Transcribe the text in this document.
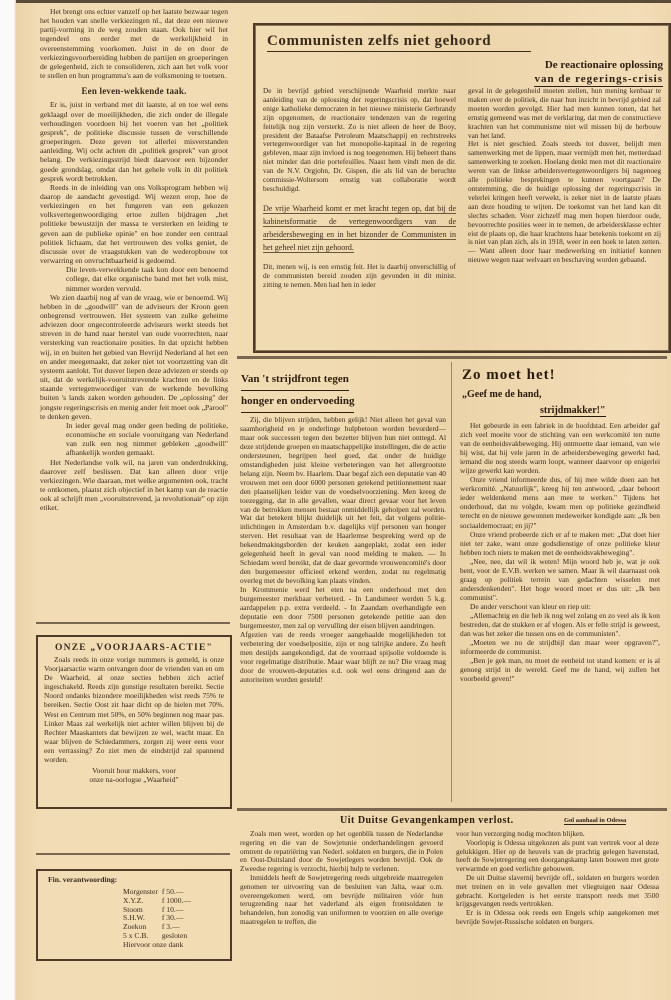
Het brengt ons echter vanzelf op het laatste bezwaar tegen het houden van snelle verkiezingen nl., dat deze een nieuwe partij-vorming in de weg zouden staan. Ook hier wil het tegendeel ons eerder met de werkelijkheid in overeenstemming voorkomen. Juist in de en door de verkiezingsvoorbereiding hebben de partijen en groeperingen de gelegenheid, zich te consolideren, zich aan het volk voor te stellen en hun programma's aan de volksmening te toetsen.

Een leven-wekkende taak.

Er is, juist in verband met dit laatste, al en toe wel eens geklaagd over de moeilijkheden, die zich onder de illegale verhoudingen voordoen bij het voeren van het „politiek gesprek", de politieke discussie tussen de verschillende groeperingen. Deze geven tot allerlei misverstanden aanleiding. Wij ocht achten dit „politiek gesprek" van groot belang. De verkiezingsstrijd biedt daarvoor een bijzonder goede grondslag, omdat dan het gehele volk in dit politiek gesprek wordt betrokken.

Reeds in de inleiding van ons Volksprogram hebben wij daarop de aandacht gevestigd. Wij wezen erop, hoe de verkiezingen en het fungeren van een gekozen volksvertegenwoordiging ertoe zullen bijdragen „het politieke bewustzijn der massa te versterken en leiding te geven aan de publieke opinie" en hoe zonder een centraal politiek lichaam, dat het vertrouwen des volks geniet, de discussie over de vraagstukken van de wederopbouw tot verwarring en onvruchtbaarheid is gedoemd.

Die leven-verwekkende taak kon door een benoemd college, dat elke organische band met het volk mist, nimmer worden vervuld.

We zien daarbij nog af van de vraag, wie er benoemd. Wij hebben in de „goodwill" van de adviseurs der Kroon geen onbegrensd vertrouwen. Het systeem van zulke geheime adviezen door ongecontroleerde adviseurs werkt steeds het streven in de hand naar herstel van oude voorrechten, naar versterking van reactionaire posities. In dat opzicht hebben wij, in en buiten het gebied van Bevrijd Nederland al het een en ander meegemaakt, dat zeker niet tot voortzetting van dit systeem aanlokt. Tot dusver liepen deze adviezen er steeds op uit, dat de werkelijk-vooruitstrevende krachten en de links staande vertegenwoordiger van de werkende bevolking buiten 's lands zaken worden gehouden. De „oplossing" der jongste regeringscrisis en menig ander feit moet ook „Parool" te denken geven.

In ieder geval mag onder geen beding de politieke, economische en sociale vooruitgang van Nederland van zulk een nog nimmer gebleken „goodwill" afhankelijk worden gemaakt.

Het Nederlandse volk wil, na jaren van onderdrukking, daarover zelf beslissen. Dat kan alleen door vrije verkiezingen. Wie daaraan, met welke argumenten ook, tracht te ontkomen, plaatst zich objectief in het kamp van de reactie ook al schrijft men „vooruitstrevend, ja revolutionair" op zijn etiket.

Communisten zelfs niet gehoord
De reactionaire oplossing
van de regerings-crisis

De in bevrijd gebied verschijnende Waarheid merkte naar aanleiding van de oplossing der regeringscrisis op, dat hoewel enige katholieke democraten in het nieuwe ministerie Gerbrandy zijn opgenomen, de reactionaire tendenzen van de regering feitelijk nog zijn versterkt. Zo is niet alleen de heer de Booy, president der Bataafse Petroleum Maatschappij en rechtstreeks vertegenwoordiger van het monopolie-kapitaal in de regering gebleven, maar zijn invloed is nog toegenomen. Hij beheert thans niet minder dan drie portefeuilles. Naast hem vindt men de dir. van de N.V. Orgjohn, Dr. Gispen, die als lid van de beruchte commissie-Woltersom ernstig van collaboratie wordt beschuldigd.

De vrije Waarheid komt er met kracht tegen op, dat bij de kabinetsformatie de vertegenwoordigers van de arbeidersbeweging en in het bizonder de Communisten in het geheel niet zijn gehoord.

Dit, menen wij, is een ernstig feit. Het is daarbij onverschillig of de communisten bereid zouden zijn gevonden in dit minist. zitting te nemen. Men had hen in ieder

geval in de gelegenheid moeten stellen, hun mening kenbaar te maken over de politiek, die naar hun inzicht in bevrijd gebied zal moeten worden gevolgd. Hier had men kunnen tonen, dat het ernstig gemeend was met de verklaring, dat men de constructieve krachten van het communisme niet wil missen bij de herbouw van het land.

Het is niet geschied. Zoals steeds tot dusver, belijdt men samenwerking met de lippen, maar vermijdt men het, metterdaad samenwerking te zoeken. Hoelang denkt men met dit reactionaire weren van de linkse arbeidersvertegenwoordigers bij nagenoeg alle politieke besprekingen te kunnen voortgaan? De ontstemming, die de huidige oplossing der regeringscrisis in velerlei kringen heeft verwekt, is zeker niet in de laatste plaats aan deze houding te wijten. De toekomst van het land kan dit slechts schaden. Voor zichzelf mag men hopen hierdoor oude, bevoorrechte posities weer in te nemen, de arbeidersklasse echter eist de plaats op, die haar krachtens haar betekenis toekomt en zij is niet van plan zich, als in 1918, weer in een hoek te laten zetten. — Want alleen door haar medewerking en initiatief kunnen nieuwe wegen naar welvaart en beschaving worden gebaand.

Van 't strijdfront tegen
honger en ondervoeding

Zij, die blijven strijden, hebben gelijk! Niet alleen het geval van saamhorigheid en je onderlinge hulpbetoon worden bevorderd—maar ook successen tegen den bezetter blijven hun niet onttegd. Al deze strijdende groepen en maatschappelijke instellingen, die de actie ondersteunen, begrijpen heel goed, dat onder de huidige omstandigheden juist kleine verbeteringen van het allergrootste belang zijn. Neem bv. Haarlem. Daar begaf zich een deputatie van 40 vrouwen met een door 6000 personen getekend petitionnement naar den plaatselijken leider van de voedselvoorziening. Men kreeg de toezegging, dat in alle gevallen, waar direct gevaar voor het leven van de betrokken mensen bestaat onmiddellijk geholpen zal worden. Wat dat betekent blijkt duidelijk uit het feit, dat volgens politie-inlichtingen in Amsterdam b.v. dagelijks vijf personen van honger sterven. Het resultaat van de Haarlemse bespreking werd op de bekendmakingsborden der keuken aangeplakt, zodat een ieder gelegenheid heeft in geval van nood melding te maken. — In Schiedam werd bereikt, dat de daar gevormde vrouwencomité's door den burgemeester officieel erkend werden, zodat nu regelmatig overleg met de bevolking kan plaats vinden.

In Krommenie werd het eten na een onderhoud met den burgemeester merkbaar verbeterd. - In Landsmeer werden 5 k.g. aardappelen p.p. extra verdeeld. - In Zaandam overhandigde een deputatie een door 7500 personen getekende petitie aan den burgemeester, men zal op vervulling der eisen blijven aandringen.

Afgezien van de reeds vroeger aangehaalde mogelijkheden tot verbetering der voedselpositie, zijn er nog talrijke andere. Zo heeft men destijds aangekondigd, dat de voorraad spijsolie voldoende is voor regelmatige distributie. Maar waar blijft ze nu? Die vraag mag door de vrouwen-deputaties e.d. ook wel eens dringend aan de autoriteiten worden gesteld!

Zo moet het!
„Geef me de hand,
strijdmakker!"

Het gebeurde in een fabriek in de hoofdstad. Een arbeider gaf zich veel moeite voor de stichting van een werkcomité ten nutte van de eenheidsvakbeweging. Hij ontmoette daar iemand, van wie hij wist, dat hij vele jaren in de arbeidersbeweging gewerkt had, iemand die nog steeds warm loopt, wanneer daarvoor op enigerlei wijze gewerkt kan worden.

Onze vriend informeerde dus, of hij mee wilde doen aan het werkcomité. „Natuurlijk", kreeg hij ten antwoord, „daar behoort ieder weldenkend mens aan mee te werken." Tijdens het onderhoud, dat nu volgde, kwam men op politieke gezindheid terecht en de nieuwe gewonnen medewerker kondigde aan: „Ik ben sociaaldemocraat; en jij?"

Onze vriend probeerde zich er af te maken met: „Dat doet hier niet ter zake, want onze godsdienstige of onze politieke kleur hebben toch niets te maken met de eenheidsvakbeweging".

„Nee, nee, dat wil ik weten! Mijn woord heb je, wat je ook bent, voor de E.V.B. werken we samen. Maar ik wil daarnaast ook graag op politiek terrein van gedachten wisselen met andersdenkenden". Het hoge woord moet er dus uit: „Ik ben communist".

De ander verschoot van kleur en riep uit:

„Allemachtig en die heb ik nog wel zolang en zo veel als ik kon bestreden, dat de stukken er af vlogen. Als er felle strijd is geweest, dan was het zeker die tussen ons en de communisten".

„Moeten we nu de strijdbijl dan maar weer opgraven?", informeerde de communist.

„Ben je gek man, nu moet de eenheid tot stand komen: er is al genoeg strijd in de wereld. Geef me de hand, wij zullen het voorbeeld geven!"

ONZE „VOORJAARS-ACTIE"

Zoals reeds in onze vorige nummers is gemeld, is onze Voorjaarsactie warm ontvangen door de vrienden van en om De Waarheid, al onze secties hebben zich actief ingeschakeld. Reeds zijn gunstige resultaten bereikt. Sectie Noord ondanks bizondere moeilijkheden wist reeds 75% te bereiken. Sectie Oost zit haar dicht op de hielen met 70%. West en Centrum met 50%, en 50% beginnen nog maar pas. Linker Maas zal werkelijk niet achter willen blijven bij de Rechter Maaskanters dat bewijzen ze wel, wacht maar. En waar blijven de Schiedammers, zorgen zij weer eens voor een verrassing? Zo ziet men de eindstrijd zal spannend worden.

Vooruit hour makkers, voor
onze na-oorlogse „Waarheid"
Fin. verantwoording:
Morgenster	f 50.—
X.Y.Z.	f 1000.—
Stoom	f 10.—
S.H.W.	f 30.—
Zoekon	f 3.—
5 x C.B.	gesloten
Hiervoor onze dank	
Uit Duitse Gevangenkampen verlost.	Gol aanhaal in Odessa

Zoals men weet, worden op het ogenblik tussen de Nederlandse regering en die van de Sowjetunie onderhandelingen gevoerd omtrent de repatriëring van Nederl. soldaten en burgers, die in Polen en Oost-Duitsland door de Sowjetlegers worden bevrijd. Ook de Zweedse regering is verzocht, hierbij hulp te verlenen.

Inmiddels heeft de Sowjetregering reeds uitgebreide maatregelen genomen ter uitvoering van de besluiten van Jalta, waar o.m. overeengekomen werd, om bevrijde militairen vóór hun terugzending naar het vaderland als eigen frontsoldaten te behandelen, hun zonodig van uniformen te voorzien en alle overige maatregelen te treffen, die

voor hun verzorging nodig mochten blijken.

Voorlopig is Odessa uitgekozen als punt van vertrek voor al deze gelukkigen. Hier op de heuvels van de prachtig gelegen havenstad, heeft de Sowjetregering een doorgangskamp laten bouwen met grote verwarmde en goed verlichte gebouwen.

De uit Duitse slavernij bevrijde off., soldaten en burgers worden met treinen en in vele gevallen met vliegtuigen naar Odessa gebracht. Kortgeleden is het eerste transport reeds met 3500 krijgsgevangen reeds vertrokken.

Er is in Odessa ook reeds een Engels schip aangekomen met bevrijde Sowjet-Russische soldaten en burgers.
